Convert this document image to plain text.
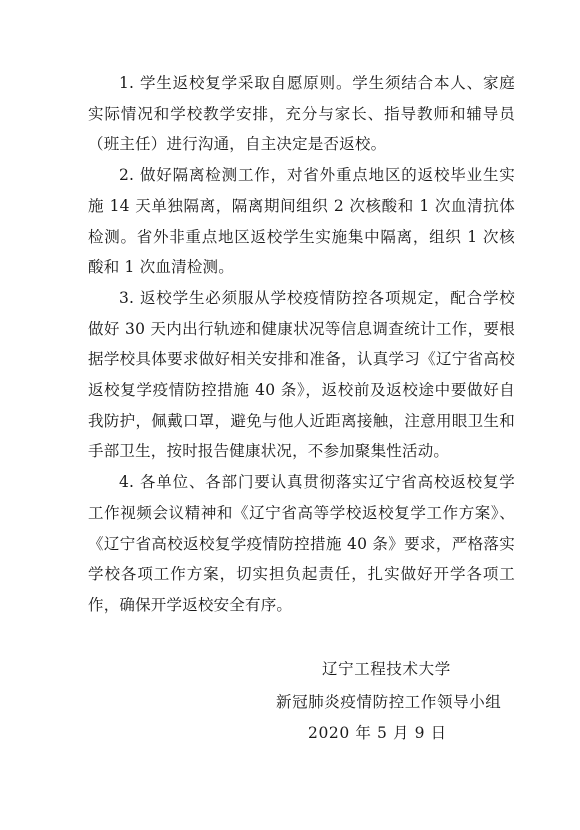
1. 学生返校复学采取自愿原则。学生须结合本人、家庭实际情况和学校教学安排，充分与家长、指导教师和辅导员（班主任）进行沟通，自主决定是否返校。

2. 做好隔离检测工作，对省外重点地区的返校毕业生实施 14 天单独隔离，隔离期间组织 2 次核酸和 1 次血清抗体检测。省外非重点地区返校学生实施集中隔离，组织 1 次核酸和 1 次血清检测。

3. 返校学生必须服从学校疫情防控各项规定，配合学校做好 30 天内出行轨迹和健康状况等信息调查统计工作，要根据学校具体要求做好相关安排和准备，认真学习《辽宁省高校返校复学疫情防控措施 40 条》，返校前及返校途中要做好自我防护，佩戴口罩，避免与他人近距离接触，注意用眼卫生和手部卫生，按时报告健康状况，不参加聚集性活动。

4. 各单位、各部门要认真贯彻落实辽宁省高校返校复学工作视频会议精神和《辽宁省高等学校返校复学工作方案》、《辽宁省高校返校复学疫情防控措施 40 条》要求，严格落实学校各项工作方案，切实担负起责任，扎实做好开学各项工作，确保开学返校安全有序。

辽宁工程技术大学
新冠肺炎疫情防控工作领导小组
2020 年 5 月 9 日
